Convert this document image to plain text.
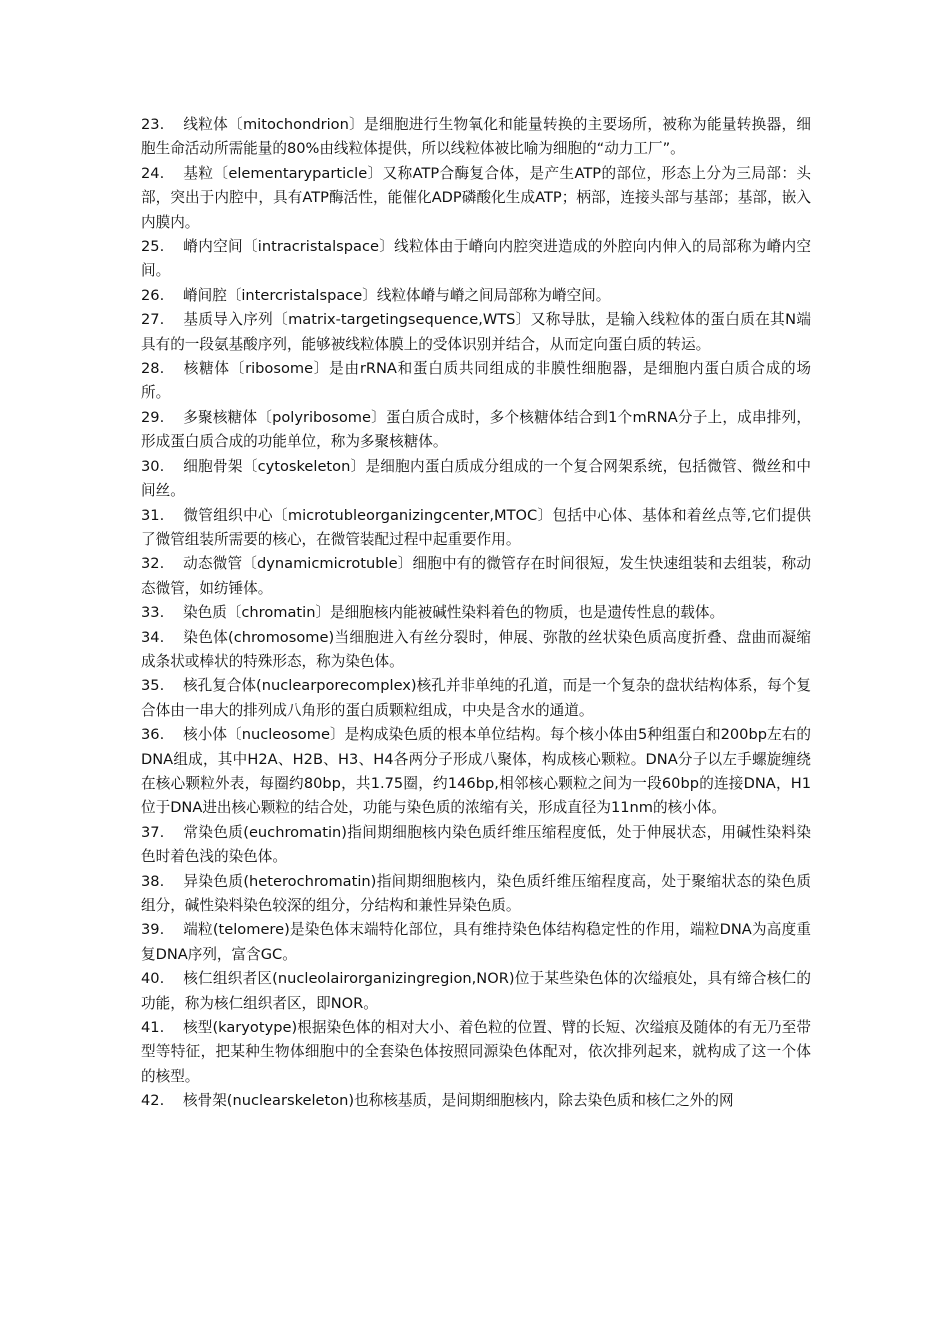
23. 线粒体〔mitochondrion〕是细胞进行生物氧化和能量转换的主要场所，被称为能量转换器，细胞生命活动所需能量的80%由线粒体提供，所以线粒体被比喻为细胞的“动力工厂”。

24. 基粒〔elementaryparticle〕又称ATP合酶复合体，是产生ATP的部位，形态上分为三局部：头部，突出于内腔中，具有ATP酶活性，能催化ADP磷酸化生成ATP；柄部，连接头部与基部；基部，嵌入内膜内。

25. 嵴内空间〔intracristalspace〕线粒体由于嵴向内腔突进造成的外腔向内伸入的局部称为嵴内空间。

26. 嵴间腔〔intercristalspace〕线粒体嵴与嵴之间局部称为嵴空间。

27. 基质导入序列〔matrix-targetingsequence,WTS〕又称导肽，是输入线粒体的蛋白质在其N端具有的一段氨基酸序列，能够被线粒体膜上的受体识别并结合，从而定向蛋白质的转运。

28. 核糖体〔ribosome〕是由rRNA和蛋白质共同组成的非膜性细胞器，是细胞内蛋白质合成的场所。

29. 多聚核糖体〔polyribosome〕蛋白质合成时，多个核糖体结合到1个mRNA分子上，成串排列，形成蛋白质合成的功能单位，称为多聚核糖体。

30. 细胞骨架〔cytoskeleton〕是细胞内蛋白质成分组成的一个复合网架系统，包括微管、微丝和中间丝。

31. 微管组织中心〔microtubleorganizingcenter,MTOC〕包括中心体、基体和着丝点等,它们提供了微管组装所需要的核心，在微管装配过程中起重要作用。

32. 动态微管〔dynamicmicrotuble〕细胞中有的微管存在时间很短，发生快速组装和去组装，称动态微管，如纺锤体。

33. 染色质〔chromatin〕是细胞核内能被碱性染料着色的物质，也是遗传性息的载体。

34. 染色体(chromosome)当细胞进入有丝分裂时，伸展、弥散的丝状染色质高度折叠、盘曲而凝缩成条状或棒状的特殊形态，称为染色体。

35. 核孔复合体(nuclearporecomplex)核孔并非单纯的孔道，而是一个复杂的盘状结构体系，每个复合体由一串大的排列成八角形的蛋白质颗粒组成，中央是含水的通道。

36. 核小体〔nucleosome〕是构成染色质的根本单位结构。每个核小体由5种组蛋白和200bp左右的DNA组成，其中H2A、H2B、H3、H4各两分子形成八聚体，构成核心颗粒。DNA分子以左手螺旋缠绕在核心颗粒外表，每圈约80bp，共1.75圈，约146bp,相邻核心颗粒之间为一段60bp的连接DNA，H1位于DNA进出核心颗粒的结合处，功能与染色质的浓缩有关，形成直径为11nm的核小体。

37. 常染色质(euchromatin)指间期细胞核内染色质纤维压缩程度低，处于伸展状态，用碱性染料染色时着色浅的染色体。

38. 异染色质(heterochromatin)指间期细胞核内，染色质纤维压缩程度高，处于聚缩状态的染色质组分，碱性染料染色较深的组分，分结构和兼性异染色质。

39. 端粒(telomere)是染色体末端特化部位，具有维持染色体结构稳定性的作用，端粒DNA为高度重复DNA序列，富含GC。

40. 核仁组织者区(nucleolairorganizingregion,NOR)位于某些染色体的次缢痕处，具有缔合核仁的功能，称为核仁组织者区，即NOR。

41. 核型(karyotype)根据染色体的相对大小、着色粒的位置、臂的长短、次缢痕及随体的有无乃至带型等特征，把某种生物体细胞中的全套染色体按照同源染色体配对，依次排列起来，就构成了这一个体的核型。

42. 核骨架(nuclearskeleton)也称核基质，是间期细胞核内，除去染色质和核仁之外的网
